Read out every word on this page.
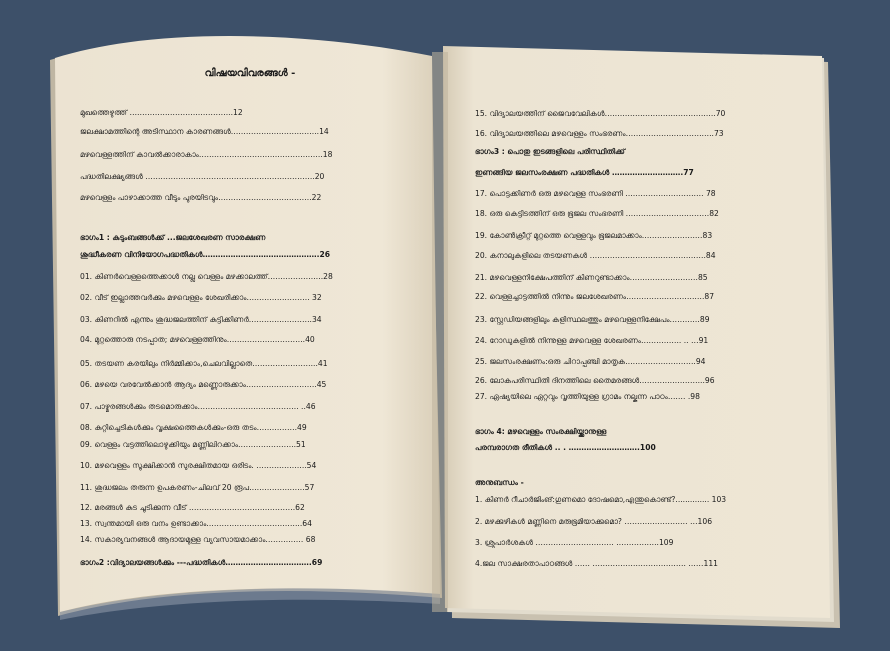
വിഷയവിവരങ്ങൾ -
മുഖത്തെഴുത്ത് …………………………………..12
ജലക്ഷാമത്തിന്റെ അടിസ്ഥാന കാരണങ്ങൾ……………………………..14
മഴവെള്ളത്തിന് കാവൽക്കാരാകാം………………………………………….18
പദ്ധതിലക്ഷ്യങ്ങൾ ………………………………………………………….20
മഴവെള്ളം പാഴാക്കാത്ത വീടും പുരയിടവും……………………………….22
ഭാഗം1 : കുടുംബങ്ങൾക്ക് ...ജലശേഖരണ സാരക്ഷണ
ശുദ്ധീകരണ വിനിയോഗപദ്ധതികൾ……………………………………….26
01. കിണർവെള്ളത്തെക്കാൾ നല്ല വെള്ളം മഴക്കാലത്ത്………………….28
02. വീട് ഇല്ലാത്തവർക്കും മഴവെള്ളം ശേഖരിക്കാം……………………. 32
03. കിണറിൽ എന്നും ശുദ്ധജലത്തിന് കുട്ടിക്കിണർ…………………….34
04. മുറ്റത്തൊരു നടപ്പാത; മഴവെള്ളത്തിനും………………………….40
05. തടയണ കരയിലും നിർമ്മിക്കാം,ചെലവില്ലാതെ……………………..41
06. മഴയെ വരവേൽക്കാൻ ആദ്യം മണ്ണൊരുക്കാം……………………….45
07. പാഴ്മരങ്ങൾക്കും തടമൊരുക്കാം…………………………………. ..46
08. കുറ്റിച്ചെടികൾക്കും വൃക്ഷത്തൈകൾക്കും-ഒരു തടം…………….49
09. വെള്ളം വട്ടത്തിലൊഴുക്കിയും മണ്ണിലിറക്കാം…………………..51
10. മഴവെള്ളം സൂക്ഷിക്കാൻ സുരക്ഷിതമായ ഒരിടം. ………………..54
11. ശുദ്ധജലം തരുന്ന ഉപകരണം-ചിലവ് 20 രൂപ………………….57
12. മരങ്ങൾ കുട ചൂടിക്കുന്ന വീട് ……………………………………62
13. സ്വന്തമായി ഒരു വനം ഉണ്ടാക്കാം………………………………..64
14. സകാര്യവനങ്ങൾ ആദായമുള്ള വ്യവസായമാക്കാം…………… 68
ഭാഗം2 :വിദ്യാലയങ്ങൾക്കും ---പദ്ധതികൾ…………………………….69
15. വിദ്യാലയത്തിന് ജൈവവേലികൾ……………………………………..70
16. വിദ്യാലയത്തിലെ മഴവെള്ളം സംഭരണം……………………………..73
ഭാഗം3 : പൊതു ഇടങ്ങളിലെ പരിസ്ഥിതിക്ക്
ഇണങ്ങിയ ജലസംരക്ഷണ പദ്ധതികൾ ……………………….77
17. പൊട്ടക്കിണർ ഒരു മഴവെള്ള സംഭരണി …………………………. 78
18. ഒരു കെട്ടിടത്തിന് ഒരു ഭൂജല സംഭരണി ……………………………82
19. കോൺക്രീറ്റ് മുറ്റത്തെ വെള്ളവും ഭൂജലമാക്കാം……………………83
20. കനാലുകളിലെ തടയണകൾ ……………………………………….84
21. മഴവെള്ളനിക്ഷേപത്തിന് കിണറുണ്ടാക്കാം………………………85
22. വെള്ളച്ചാട്ടത്തിൽ നിന്നും ജലശേഖരണം………………………….87
23. സ്റ്റേഡിയങ്ങളിലും കളിസ്ഥലത്തും മഴവെള്ളനിക്ഷേപം…………89
24. റോഡുകളിൽ നിന്നുള്ള മഴവെള്ള ശേഖരണം……………. .. …91
25. ജലസംരക്ഷണം:ഒരു ചിറാപ്പുഞ്ചി മാതൃക……………………….94
26. ലോകപരിസ്ഥിതി ദിനത്തിലെ തൈമരങ്ങൾ……………………..96
27. ഏഷ്യയിലെ ഏറ്റവും വൃത്തിയുള്ള ഗ്രാമം നല്കുന്ന പാഠം……. .98
ഭാഗം 4: മഴവെള്ളം സംരക്ഷിയ്ക്കാനുള്ള
പരമ്പരാഗത രീതികൾ .. . ……………………….100
അനുബന്ധം -
1. കിണർ റീചാർജിംങ്:ഗുണമൊ ദോഷമൊ,എന്തുകൊണ്ട്?.............. 103
2. മഴക്കുഴികൾ മണ്ണിനെ മരുഭൂമിയാക്കുമൊ? ……………………. …106
3. ശ്രുപാർശകൾ …………………………. ……………..109
4.ജല സാക്ഷരതാപാഠങ്ങൾ …… ………………………………. ……111
